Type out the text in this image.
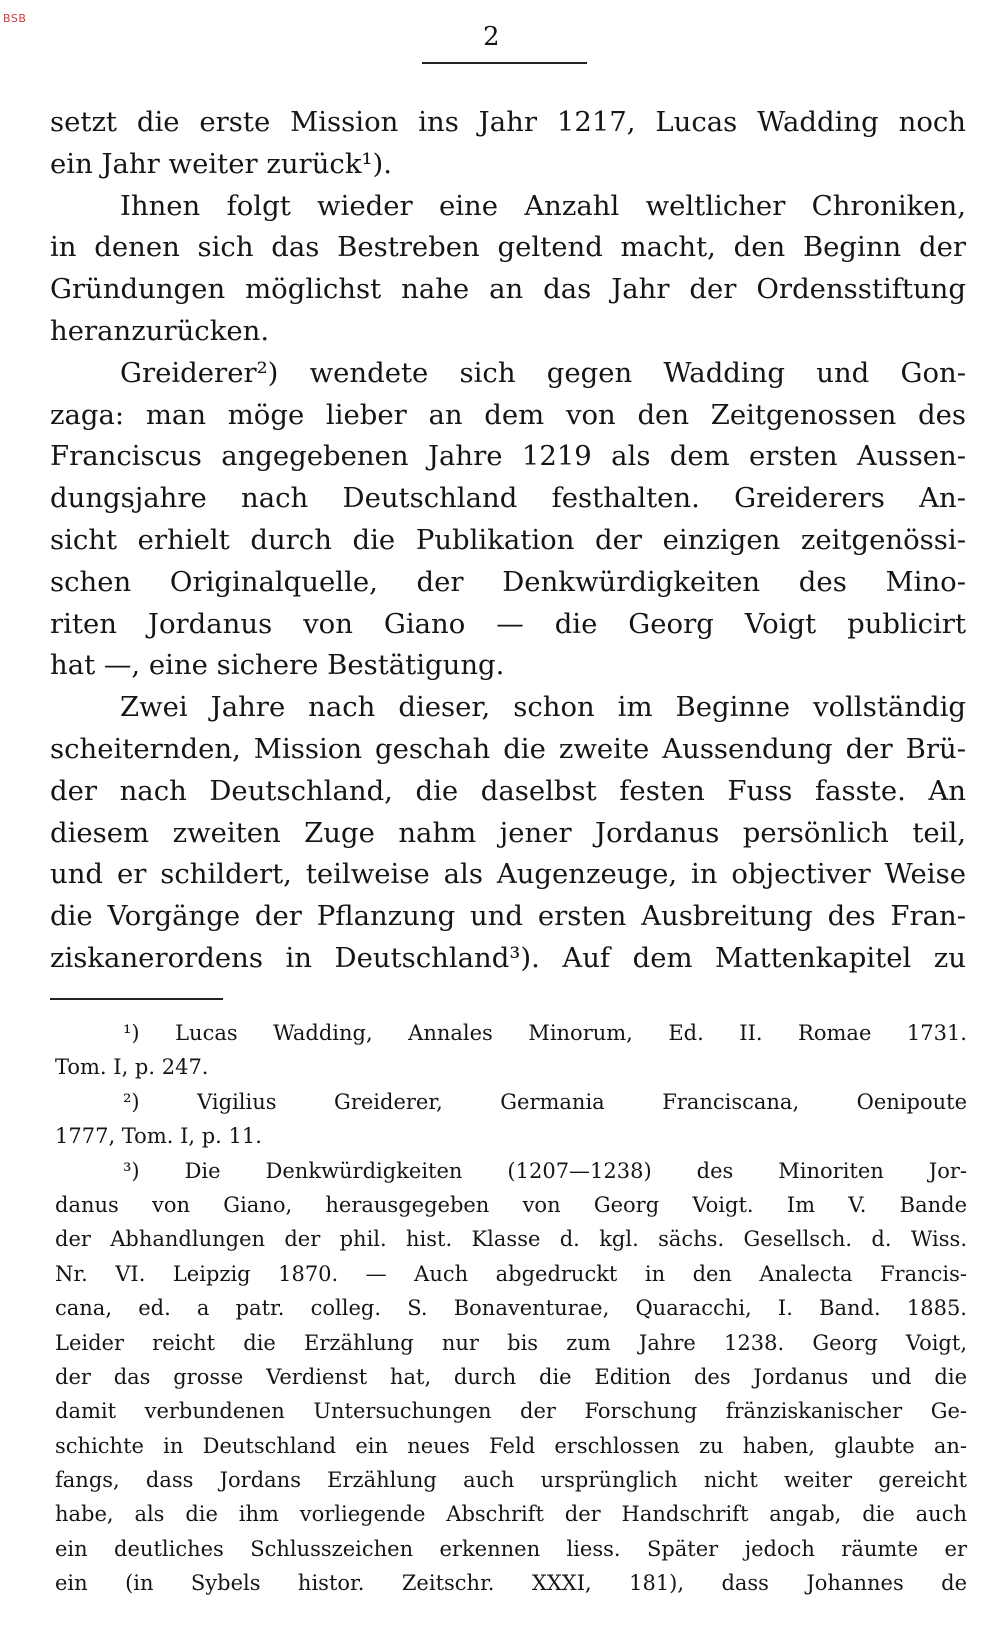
BSB
2
setzt die erste Mission ins Jahr 1217, Lucas Wadding noch
ein Jahr weiter zurück¹).
Ihnen folgt wieder eine Anzahl weltlicher Chroniken,
in denen sich das Bestreben geltend macht, den Beginn der
Gründungen möglichst nahe an das Jahr der Ordensstiftung
heranzurücken.
Greiderer²) wendete sich gegen Wadding und Gon-
zaga: man möge lieber an dem von den Zeitgenossen des
Franciscus angegebenen Jahre 1219 als dem ersten Aussen-
dungsjahre nach Deutschland festhalten. Greiderers An-
sicht erhielt durch die Publikation der einzigen zeitgenössi-
schen Originalquelle, der Denkwürdigkeiten des Mino-
riten Jordanus von Giano — die Georg Voigt publicirt
hat —, eine sichere Bestätigung.
Zwei Jahre nach dieser, schon im Beginne vollständig
scheiternden, Mission geschah die zweite Aussendung der Brü-
der nach Deutschland, die daselbst festen Fuss fasste. An
diesem zweiten Zuge nahm jener Jordanus persönlich teil,
und er schildert, teilweise als Augenzeuge, in objectiver Weise
die Vorgänge der Pflanzung und ersten Ausbreitung des Fran-
ziskanerordens in Deutschland³). Auf dem Mattenkapitel zu
¹) Lucas Wadding, Annales Minorum, Ed. II. Romae 1731.
Tom. I, p. 247.
²) Vigilius Greiderer, Germania Franciscana, Oenipoute
1777, Tom. I, p. 11.
³) Die Denkwürdigkeiten (1207—1238) des Minoriten Jor-
danus von Giano, herausgegeben von Georg Voigt. Im V. Bande
der Abhandlungen der phil. hist. Klasse d. kgl. sächs. Gesellsch. d. Wiss.
Nr. VI. Leipzig 1870. — Auch abgedruckt in den Analecta Francis-
cana, ed. a patr. colleg. S. Bonaventurae, Quaracchi, I. Band. 1885.
Leider reicht die Erzählung nur bis zum Jahre 1238. Georg Voigt,
der das grosse Verdienst hat, durch die Edition des Jordanus und die
damit verbundenen Untersuchungen der Forschung fränziskanischer Ge-
schichte in Deutschland ein neues Feld erschlossen zu haben, glaubte an-
fangs, dass Jordans Erzählung auch ursprünglich nicht weiter gereicht
habe, als die ihm vorliegende Abschrift der Handschrift angab, die auch
ein deutliches Schlusszeichen erkennen liess. Später jedoch räumte er
ein (in Sybels histor. Zeitschr. XXXI, 181), dass Johannes de
